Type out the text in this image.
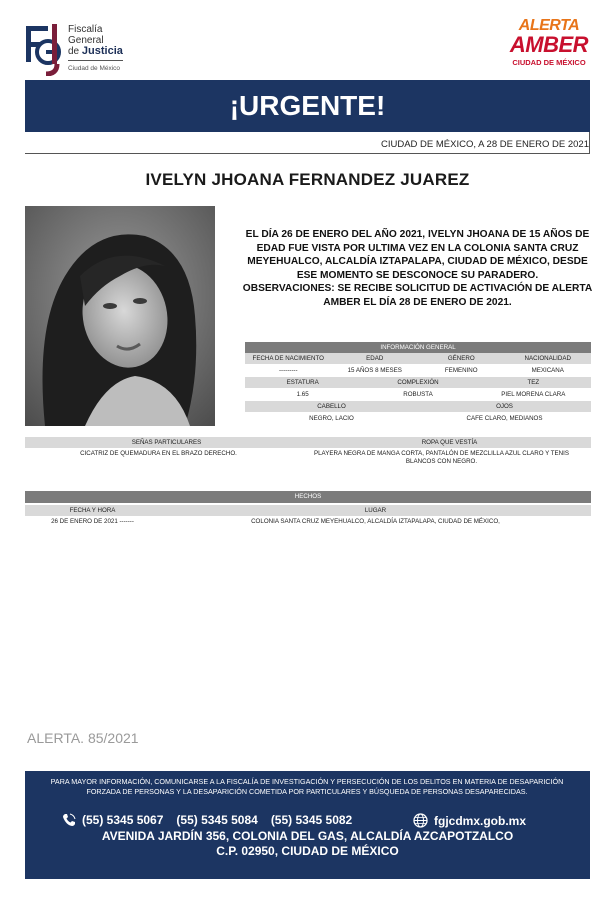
Fiscalía
General
de Justicia
Ciudad de México
ALERTA
AMBER
CIUDAD DE MÉXICO
¡URGENTE!
CIUDAD DE MÉXICO, A 28 DE ENERO DE 2021
IVELYN JHOANA FERNANDEZ JUAREZ
EL DÍA 26 DE ENERO DEL AÑO 2021, IVELYN JHOANA DE 15 AÑOS DE EDAD FUE VISTA POR ULTIMA VEZ EN LA COLONIA SANTA CRUZ MEYEHUALCO, ALCALDÍA IZTAPALAPA, CIUDAD DE MÉXICO, DESDE ESE MOMENTO SE DESCONOCE SU PARADERO.
OBSERVACIONES: SE RECIBE SOLICITUD DE ACTIVACIÓN DE ALERTA AMBER EL DÍA 28 DE ENERO DE 2021.
INFORMACIÓN GENERAL
FECHA DE NACIMIENTO	EDAD	GÉNERO	NACIONALIDAD
---------	15 AÑOS 8 MESES	FEMENINO	MEXICANA
ESTATURA	COMPLEXIÓN	TEZ
1.65	ROBUSTA	PIEL MORENA CLARA
CABELLO	OJOS
NEGRO, LACIO	CAFE CLARO, MEDIANOS
SEÑAS PARTICULARES	ROPA QUE VESTÍA
CICATRIZ DE QUEMADURA EN EL BRAZO DERECHO.	PLAYERA NEGRA DE MANGA CORTA, PANTALÓN DE MEZCLILLA AZUL CLARO Y TENIS BLANCOS CON NEGRO.
HECHOS
FECHA Y HORA	LUGAR
26 DE ENERO DE 2021 -------	COLONIA SANTA CRUZ MEYEHUALCO, ALCALDÍA IZTAPALAPA, CIUDAD DE MÉXICO,
ALERTA. 85/2021
PARA MAYOR INFORMACIÓN, COMUNICARSE A LA FISCALÍA DE INVESTIGACIÓN Y PERSECUCIÓN DE LOS DELITOS EN MATERIA DE DESAPARICIÓN FORZADA DE PERSONAS Y LA DESAPARICIÓN COMETIDA POR PARTICULARES Y BÚSQUEDA DE PERSONAS DESAPARECIDAS.
(55) 5345 5067 (55) 5345 5084 (55) 5345 5082	fgjcdmx.gob.mx
AVENIDA JARDÍN 356, COLONIA DEL GAS, ALCALDÍA AZCAPOTZALCO
C.P. 02950, CIUDAD DE MÉXICO
